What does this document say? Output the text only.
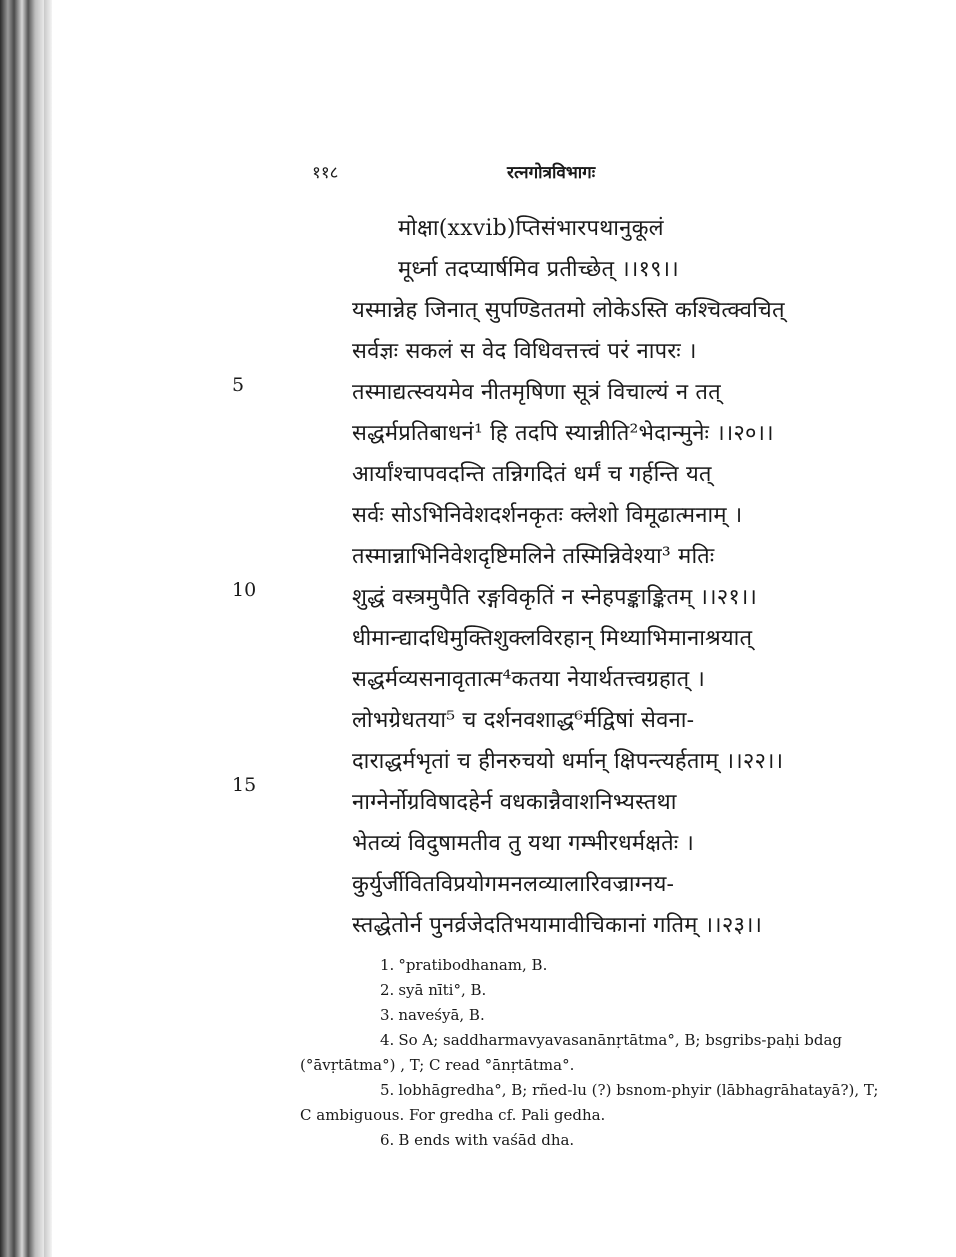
११८	रत्नगोत्रविभागः
5
10
15
मोक्षा(xxvib)प्तिसंभारपथानुकूलं
मूर्ध्ना तदप्यार्षमिव प्रतीच्छेत् ।।१९।।
यस्मान्नेह जिनात् सुपण्डिततमो लोकेऽस्ति कश्चित्क्वचित्
सर्वज्ञः सकलं स वेद विधिवत्तत्त्वं परं नापरः ।
तस्माद्यत्स्वयमेव नीतमृषिणा सूत्रं विचाल्यं न तत्
सद्धर्मप्रतिबाधनं¹ हि तदपि स्यान्नीति²भेदान्मुनेः ।।२०।।
आर्यांश्चापवदन्ति तन्निगदितं धर्मं च गर्हन्ति यत्
सर्वः सोऽभिनिवेशदर्शनकृतः क्लेशो विमूढात्मनाम् ।
तस्मान्नाभिनिवेशदृष्टिमलिने तस्मिन्निवेश्या³ मतिः
शुद्धं वस्त्रमुपैति रङ्गविकृतिं न स्नेहपङ्काङ्कितम् ।।२१।।
धीमान्द्यादधिमुक्तिशुक्लविरहान् मिथ्याभिमानाश्रयात्
सद्धर्मव्यसनावृतात्म⁴कतया नेयार्थतत्त्वग्रहात् ।
लोभग्रेधतया⁵ च दर्शनवशाद्ध⁶र्मद्विषां सेवना-
दाराद्धर्मभृतां च हीनरुचयो धर्मान् क्षिपन्त्यर्हताम् ।।२२।।
नाग्नेर्नोग्रविषादहेर्न वधकान्नैवाशनिभ्यस्तथा
भेतव्यं विदुषामतीव तु यथा गम्भीरधर्मक्षतेः ।
कुर्युर्जीवितविप्रयोगमनलव्यालारिवज्राग्नय-
स्तद्धेतोर्न पुनर्व्रजेदतिभयामावीचिकानां गतिम् ।।२३।।
1. °pratibodhanam, B.
2. syā nīti°, B.
3. naveśyā, B.
4. So A; saddharmavyavasanānṛtātma°, B; bsgribs-paḥi bdag (°āvṛtātma°) , T; C read °ānṛtātma°.
5. lobhāgredha°, B; rñed-lu (?) bsnom-phyir (lābhagrāhatayā?), T; C ambiguous. For gredha cf. Pali gedha.
6. B ends with vaśād dha.
